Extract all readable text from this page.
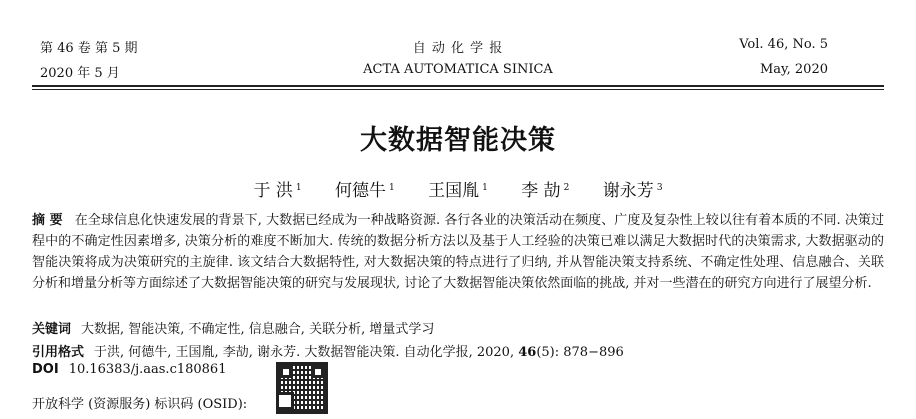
第 46 卷 第 5 期
2020 年 5 月
自 动 化 学 报
ACTA AUTOMATICA SINICA
Vol. 46, No. 5
May, 2020
大数据智能决策
于 洪 $^1$ 何德牛 $^1$ 王国胤 $^1$ 李 劼 $^2$ 谢永芳 $^3$
摘 要 在全球信息化快速发展的背景下, 大数据已经成为一种战略资源. 各行各业的决策活动在频度、广度及复杂性上较以往有着本质的不同. 决策过程中的不确定性因素增多, 决策分析的难度不断加大. 传统的数据分析方法以及基于人工经验的决策已难以满足大数据时代的决策需求, 大数据驱动的智能决策将成为决策研究的主旋律. 该文结合大数据特性, 对大数据决策的特点进行了归纳, 并从智能决策支持系统、不确定性处理、信息融合、关联分析和增量分析等方面综述了大数据智能决策的研究与发展现状, 讨论了大数据智能决策依然面临的挑战, 并对一些潜在的研究方向进行了展望分析.
关键词 大数据, 智能决策, 不确定性, 信息融合, 关联分析, 增量式学习
引用格式 于洪, 何德牛, 王国胤, 李劼, 谢永芳. 大数据智能决策. 自动化学报, 2020, 46(5): 878−896
DOI 10.16383/j.aas.c180861
开放科学 (资源服务) 标识码 (OSID):
